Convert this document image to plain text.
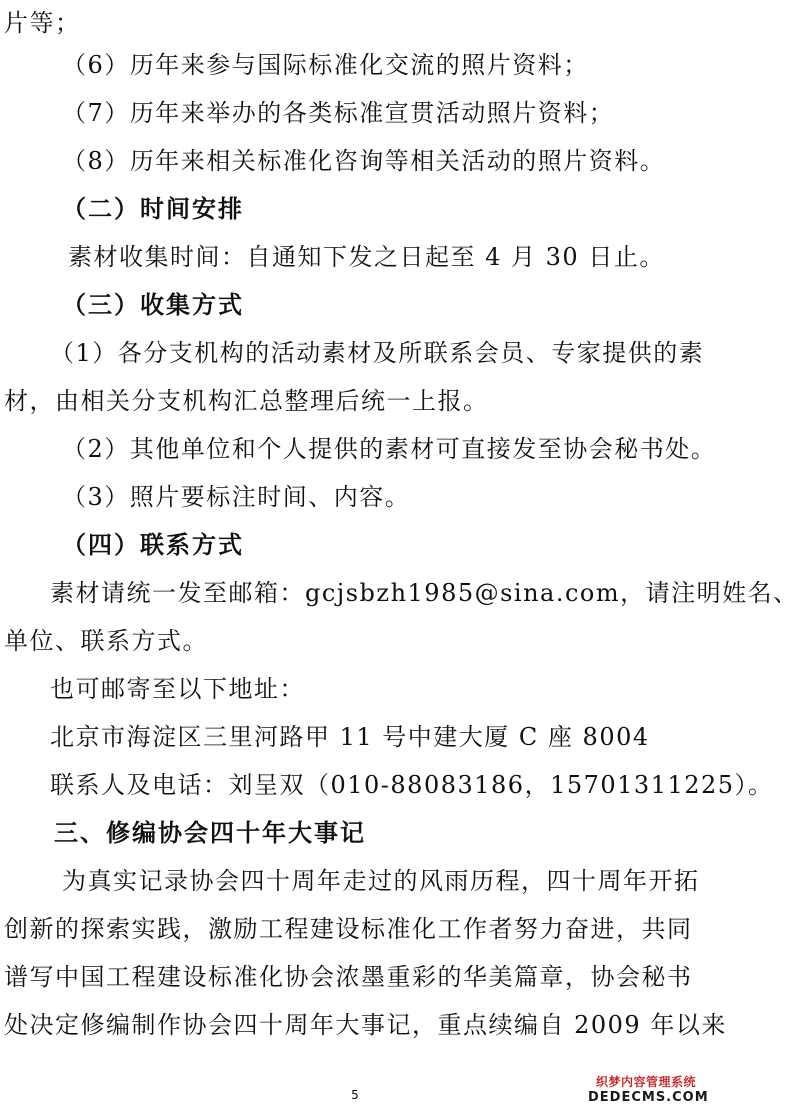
片等；
（6）历年来参与国际标准化交流的照片资料；
（7）历年来举办的各类标准宣贯活动照片资料；
（8）历年来相关标准化咨询等相关活动的照片资料。
（二）时间安排
素材收集时间：自通知下发之日起至 4 月 30 日止。
（三）收集方式
（1）各分支机构的活动素材及所联系会员、专家提供的素
材，由相关分支机构汇总整理后统一上报。
（2）其他单位和个人提供的素材可直接发至协会秘书处。
（3）照片要标注时间、内容。
（四）联系方式
素材请统一发至邮箱：gcjsbzh1985@sina.com，请注明姓名、
单位、联系方式。
也可邮寄至以下地址：
北京市海淀区三里河路甲 11 号中建大厦 C 座 8004
联系人及电话：刘呈双（010-88083186，15701311225）。
三、修编协会四十年大事记
为真实记录协会四十周年走过的风雨历程，四十周年开拓
创新的探索实践，激励工程建设标准化工作者努力奋进，共同
谱写中国工程建设标准化协会浓墨重彩的华美篇章，协会秘书
处决定修编制作协会四十周年大事记，重点续编自 2009 年以来
5
织梦内容管理系统
DEDECMS.COM
